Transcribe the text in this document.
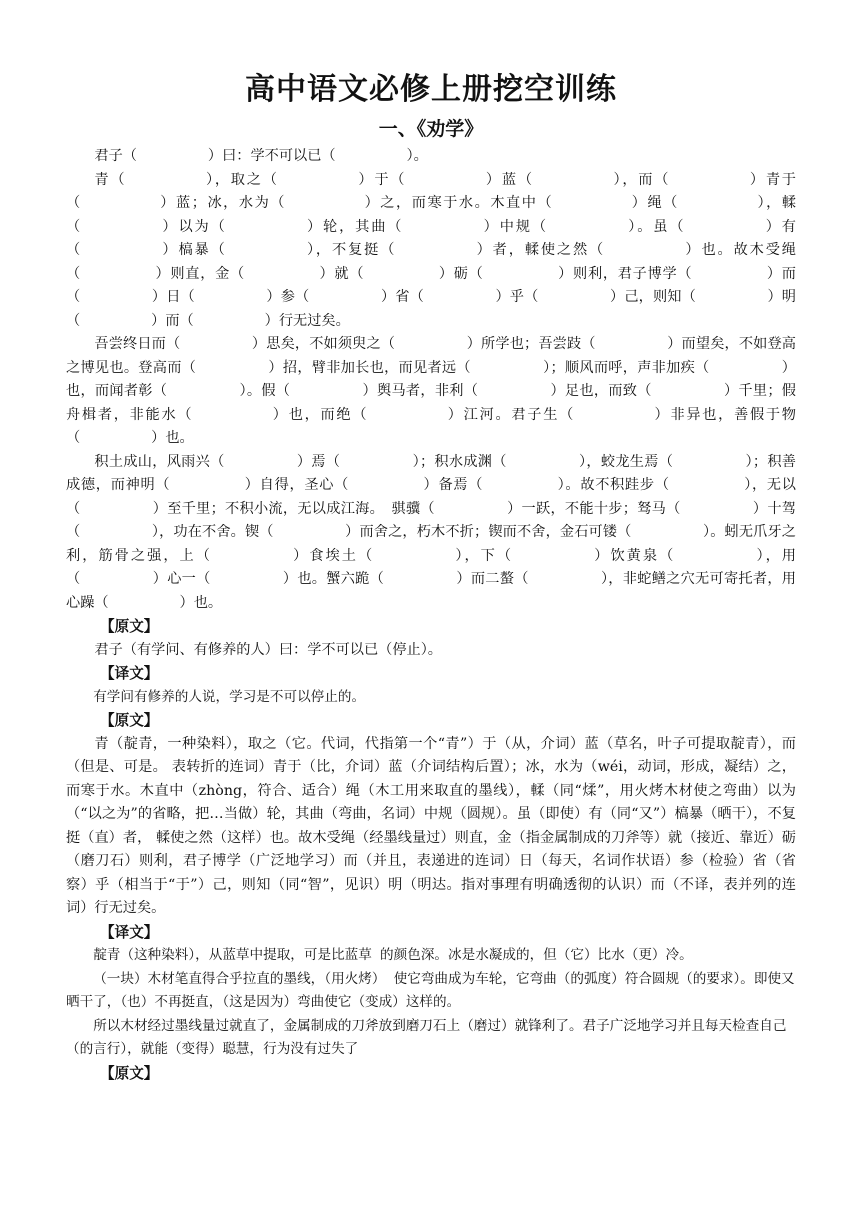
高中语文必修上册挖空训练
一、《劝学》

君子（　　　　　）曰：学不可以已（　　　　　）。

青（　　　　　），取之（　　　　　）于（　　　　　）蓝（　　　　　），而（　　　　　）青于（　　　　　）蓝；冰，水为（　　　　　）之，而寒于水。木直中（　　　　　）绳（　　　　　），輮（　　　　　）以为（　　　　　）轮，其曲（　　　　　）中规（　　　　　）。虽（　　　　　）有（　　　　　）槁暴（　　　　　），不复挺（　　　　　）者，輮使之然（　　　　　）也。故木受绳（　　　　　）则直，金（　　　　　）就（　　　　　）砺（　　　　　）则利，君子博学（　　　　　）而（　　　　　）日（　　　　　）参（　　　　　）省（　　　　　）乎（　　　　　）己，则知（　　　　　）明（　　　　　）而（　　　　　）行无过矣。

吾尝终日而（　　　　　）思矣，不如须臾之（　　　　　）所学也；吾尝跂（　　　　　）而望矣，不如登高之博见也。登高而（　　　　　）招，臂非加长也，而见者远（　　　　　）；顺风而呼，声非加疾（　　　　　）也，而闻者彰（　　　　　）。假（　　　　　）舆马者，非利（　　　　　）足也，而致（　　　　　）千里；假舟楫者，非能水（　　　　　）也，而绝（　　　　　）江河。君子生（　　　　　）非异也，善假于物（　　　　　）也。

积土成山，风雨兴（　　　　　）焉（　　　　　）；积水成渊（　　　　　），蛟龙生焉（　　　　　）；积善成德，而神明（　　　　　）自得，圣心（　　　　　）备焉（　　　　　）。故不积跬步（　　　　　），无以（　　　　　）至千里；不积小流，无以成江海。　骐骥（　　　　　）一跃，不能十步；驽马（　　　　　）十驾（　　　　　），功在不舍。锲（　　　　　）而舍之，朽木不折；锲而不舍，金石可镂（　　　　　）。蚓无爪牙之利，筋骨之强，上（　　　　　）食埃土（　　　　　），下（　　　　　）饮黄泉（　　　　　），用（　　　　　）心一（　　　　　）也。蟹六跪（　　　　　）而二螯（　　　　　），非蛇鳝之穴无可寄托者，用心躁（　　　　　）也。

【原文】

君子（有学问、有修养的人）曰：学不可以已（停止）。

【译文】

有学问有修养的人说，学习是不可以停止的。

【原文】

青（靛青，一种染料），取之（它。代词，代指第一个“青”）于（从，介词）蓝（草名，叶子可提取靛青），而（但是、可是。 表转折的连词）青于（比，介词）蓝（介词结构后置）；冰，水为（wéi，动词，形成，凝结）之，而寒于水。木直中（zhòng，符合、适合）绳（木工用来取直的墨线），輮（同“煣”，用火烤木材使之弯曲）以为（“以之为”的省略，把…当做）轮，其曲（弯曲，名词）中规（圆规）。虽（即使）有（同“又”）槁暴（晒干），不复挺（直）者， 輮使之然（这样）也。故木受绳（经墨线量过）则直，金（指金属制成的刀斧等）就（接近、靠近）砺（磨刀石）则利，君子博学（广泛地学习）而（并且，表递进的连词）日（每天，名词作状语）参（检验）省（省察）乎（相当于“于”）己，则知（同“智”，见识）明（明达。指对事理有明确透彻的认识）而（不译，表并列的连词）行无过矣。

【译文】

靛青（这种染料），从蓝草中提取，可是比蓝草 的颜色深。冰是水凝成的，但（它）比水（更）冷。

（一块）木材笔直得合乎拉直的墨线，（用火烤） 使它弯曲成为车轮，它弯曲（的弧度）符合圆规（的要求）。即使又晒干了，（也）不再挺直，（这是因为）弯曲使它（变成）这样的。

所以木材经过墨线量过就直了，金属制成的刀斧放到磨刀石上（磨过）就锋利了。君子广泛地学习并且每天检查自己（的言行），就能（变得）聪慧，行为没有过失了

【原文】
